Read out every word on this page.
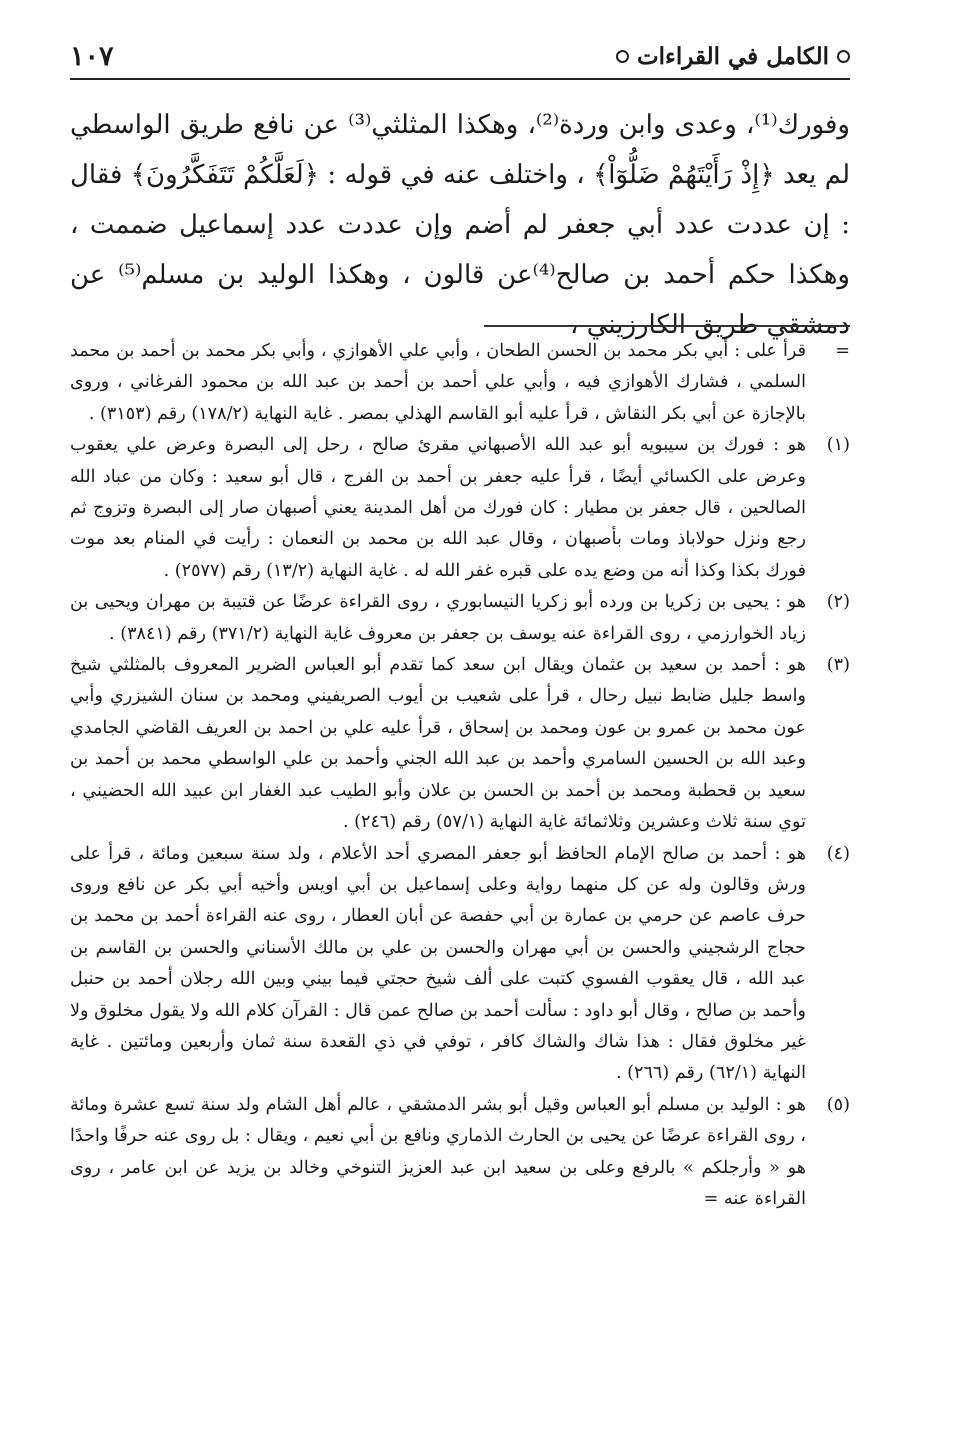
الكامل في القراءات
١٠٧

وفورك⁽¹⁾، وعدى وابن وردة⁽²⁾، وهكذا المثلثي⁽³⁾ عن نافع طريق الواسطي لم يعد ﴿إِذْ رَأَيْتَهُمْ ضَلُّوٓاْ﴾ ، واختلف عنه في قوله : ﴿لَعَلَّكُمْ تَتَفَكَّرُونَ﴾ فقال : إن عددت عدد أبي جعفر لم أضم وإن عددت عدد إسماعيل ضممت ، وهكذا حكم أحمد بن صالح⁽⁴⁾عن قالون ، وهكذا الوليد بن مسلم⁽⁵⁾ عن دمشقي طريق الكارزيني ،

=
قرأ على : أبي بكر محمد بن الحسن الطحان ، وأبي علي الأهوازي ، وأبي بكر محمد بن أحمد بن محمد السلمي ، فشارك الأهوازي فيه ، وأبي علي أحمد بن أحمد بن عبد الله بن محمود الفرغاني ، وروى بالإجازة عن أبي بكر النقاش ، قرأ عليه أبو القاسم الهذلي بمصر . غاية النهاية (١٧٨/٢) رقم (٣١٥٣) .

(١)
هو : فورك بن سيبويه أبو عبد الله الأصبهاني مقرئ صالح ، رحل إلى البصرة وعرض علي يعقوب وعرض على الكسائي أيضًا ، قرأ عليه جعفر بن أحمد بن الفرج ، قال أبو سعيد : وكان من عباد الله الصالحين ، قال جعفر بن مطيار : كان فورك من أهل المدينة يعني أصبهان صار إلى البصرة وتزوج ثم رجع ونزل حولاباذ ومات بأصبهان ، وقال عبد الله بن محمد بن النعمان : رأيت في المنام بعد موت فورك بكذا وكذا أنه من وضع يده على قبره غفر الله له . غاية النهاية (١٣/٢) رقم (٢٥٧٧) .

(٢)
هو : يحيى بن زكريا بن ورده أبو زكريا النيسابوري ، روى القراءة عرضًا عن قتيبة بن مهران ويحيى بن زياد الخوارزمي ، روى القراءة عنه يوسف بن جعفر بن معروف غاية النهاية (٣٧١/٢) رقم (٣٨٤١) .

(٣)
هو : أحمد بن سعيد بن عثمان ويقال ابن سعد كما تقدم أبو العباس الضرير المعروف بالمثلثي شيخ واسط جليل ضابط نبيل رحال ، قرأ على شعيب بن أيوب الصريفيني ومحمد بن سنان الشيزري وأبي عون محمد بن عمرو بن عون ومحمد بن إسحاق ، قرأ عليه علي بن احمد بن العريف القاضي الجامدي وعبد الله بن الحسين السامري وأحمد بن عبد الله الجني وأحمد بن علي الواسطي محمد بن أحمد بن سعيد بن قحطبة ومحمد بن أحمد بن الحسن بن علان وأبو الطيب عبد الغفار ابن عبيد الله الحضيني ، توي سنة ثلاث وعشرين وثلاثمائة غاية النهاية (٥٧/١) رقم (٢٤٦) .

(٤)
هو : أحمد بن صالح الإمام الحافظ أبو جعفر المصري أحد الأعلام ، ولد سنة سبعين ومائة ، قرأ على ورش وقالون وله عن كل منهما رواية وعلى إسماعيل بن أبي اويس وأخيه أبي بكر عن نافع وروى حرف عاصم عن حرمي بن عمارة بن أبي حفصة عن أبان العطار ، روى عنه القراءة أحمد بن محمد بن حجاج الرشجيني والحسن بن أبي مهران والحسن بن علي بن مالك الأسناني والحسن بن القاسم بن عبد الله ، قال يعقوب الفسوي كتبت على ألف شيخ حجتي فيما بيني وبين الله رجلان أحمد بن حنبل وأحمد بن صالح ، وقال أبو داود : سألت أحمد بن صالح عمن قال : القرآن كلام الله ولا يقول مخلوق ولا غير مخلوق فقال : هذا شاك والشاك كافر ، توفي في ذي القعدة سنة ثمان وأربعين ومائتين . غاية النهاية (٦٢/١) رقم (٢٦٦) .

(٥)
هو : الوليد بن مسلم أبو العباس وقيل أبو بشر الدمشقي ، عالم أهل الشام ولد سنة تسع عشرة ومائة ، روى القراءة عرضًا عن يحيى بن الحارث الذماري ونافع بن أبي نعيم ، ويقال : بل روى عنه حرفًا واحدًا هو « وأرجلكم » بالرفع وعلى بن سعيد ابن عبد العزيز التنوخي وخالد بن يزيد عن ابن عامر ، روى القراءة عنه =
